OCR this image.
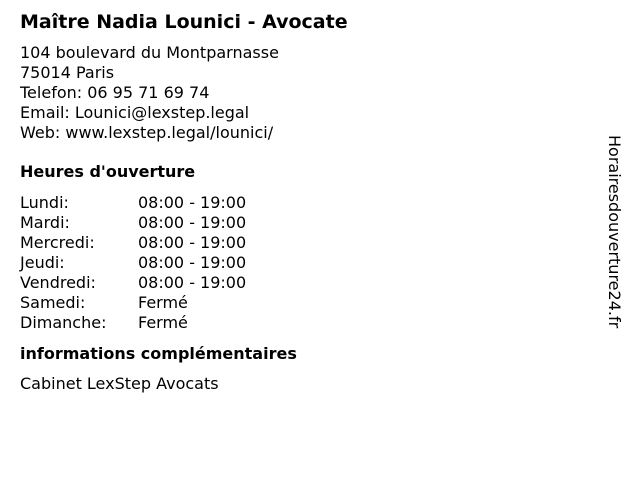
Maître Nadia Lounici - Avocate
104 boulevard du Montparnasse
75014 Paris
Telefon: 06 95 71 69 74
Email: Lounici@lexstep.legal
Web: www.lexstep.legal/lounici/
Heures d'ouverture
Lundi:	08:00 - 19:00
Mardi:	08:00 - 19:00
Mercredi:	08:00 - 19:00
Jeudi:	08:00 - 19:00
Vendredi:	08:00 - 19:00
Samedi:	Fermé
Dimanche:	Fermé
informations complémentaires
Cabinet LexStep Avocats
Horairesdouverture24.fr
